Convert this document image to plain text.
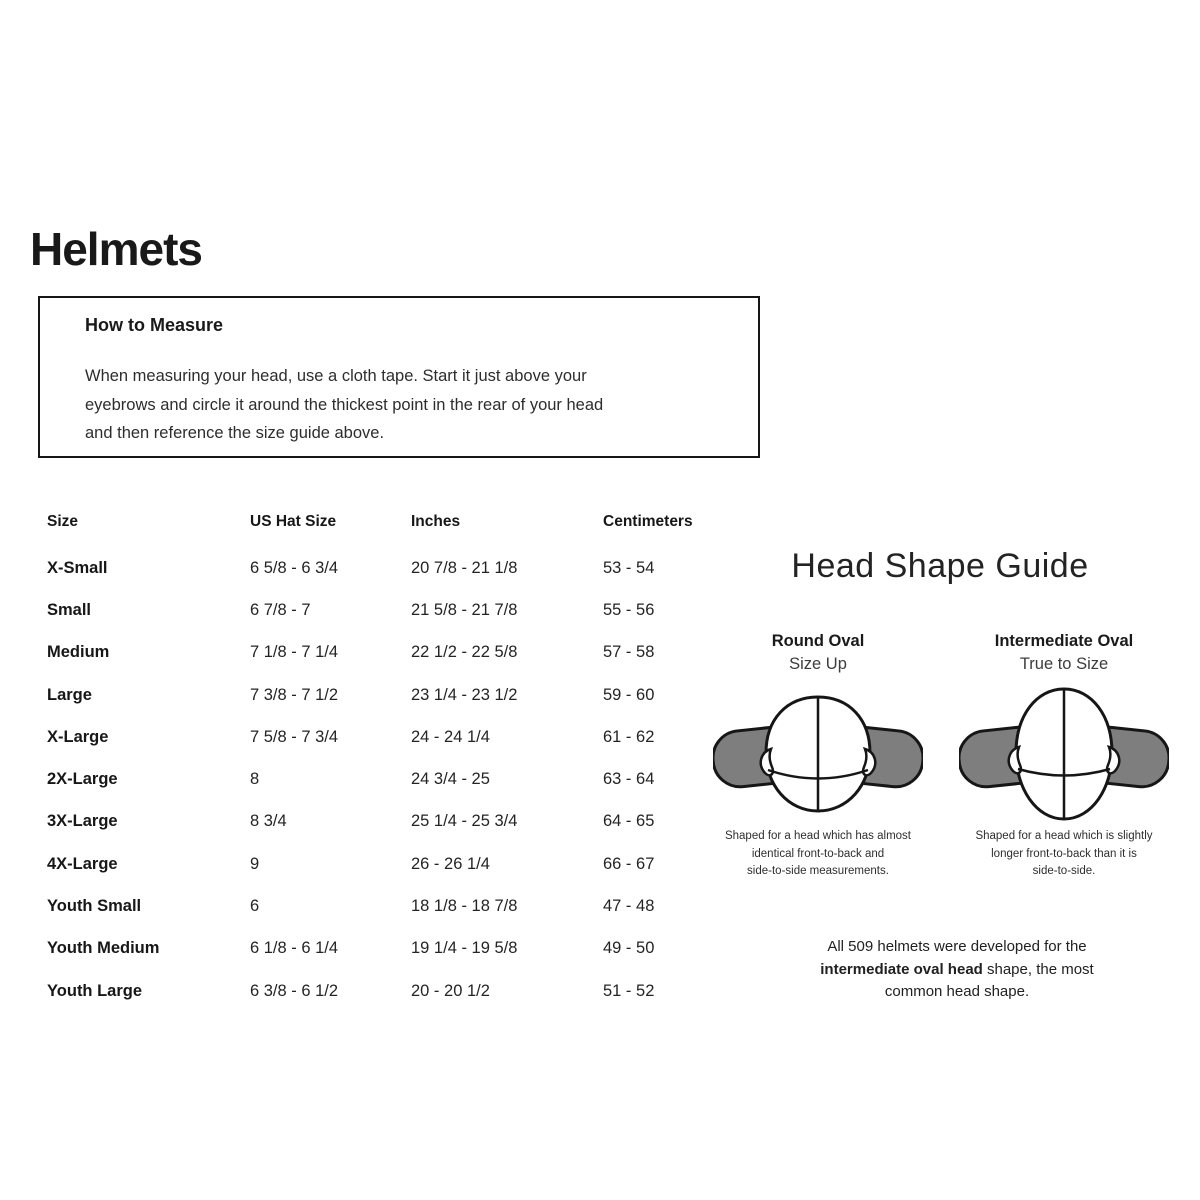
Helmets
How to Measure

When measuring your head, use a cloth tape. Start it just above your
eyebrows and circle it around the thickest point in the rear of your head
and then reference the size guide above.

Size	US Hat Size	Inches	Centimeters
X-Small	6 5/8 - 6 3/4	20 7/8 - 21 1/8	53 - 54
Small	6 7/8 - 7	21 5/8 - 21 7/8	55 - 56
Medium	7 1/8 - 7 1/4	22 1/2 - 22 5/8	57 - 58
Large	7 3/8 - 7 1/2	23 1/4 - 23 1/2	59 - 60
X-Large	7 5/8 - 7 3/4	24 - 24 1/4	61 - 62
2X-Large	8	24 3/4 - 25	63 - 64
3X-Large	8 3/4	25 1/4 - 25 3/4	64 - 65
4X-Large	9	26 - 26 1/4	66 - 67
Youth Small	6	18 1/8 - 18 7/8	47 - 48
Youth Medium	6 1/8 - 6 1/4	19 1/4 - 19 5/8	49 - 50
Youth Large	6 3/8 - 6 1/2	20 - 20 1/2	51 - 52
Head Shape Guide
Round Oval
Size Up

Shaped for a head which has almost
identical front-to-back and
side-to-side measurements.

Intermediate Oval
True to Size

Shaped for a head which is slightly
longer front-to-back than it is
side-to-side.

All 509 helmets were developed for the
intermediate oval head shape, the most
common head shape.
